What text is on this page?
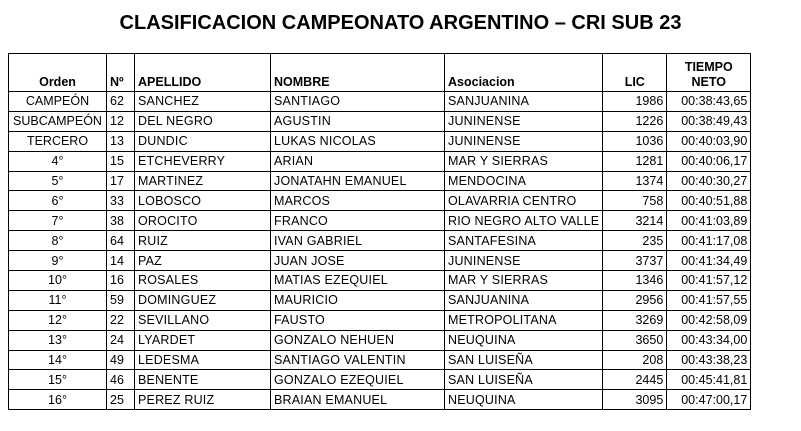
CLASIFICACION CAMPEONATO ARGENTINO – CRI SUB 23
Orden	Nº	APELLIDO	NOMBRE	Asociacion	LIC	TIEMPO
NETO
CAMPEÓN	62	SANCHEZ	SANTIAGO	SANJUANINA	1986	00:38:43,65
SUBCAMPEÓN	12	DEL NEGRO	AGUSTIN	JUNINENSE	1226	00:38:49,43
TERCERO	13	DUNDIC	LUKAS NICOLAS	JUNINENSE	1036	00:40:03,90
4°	15	ETCHEVERRY	ARIAN	MAR Y SIERRAS	1281	00:40:06,17
5°	17	MARTINEZ	JONATAHN EMANUEL	MENDOCINA	1374	00:40:30,27
6°	33	LOBOSCO	MARCOS	OLAVARRIA CENTRO	758	00:40:51,88
7°	38	OROCITO	FRANCO	RIO NEGRO ALTO VALLE	3214	00:41:03,89
8°	64	RUIZ	IVAN GABRIEL	SANTAFESINA	235	00:41:17,08
9°	14	PAZ	JUAN JOSE	JUNINENSE	3737	00:41:34,49
10°	16	ROSALES	MATIAS EZEQUIEL	MAR Y SIERRAS	1346	00:41:57,12
11°	59	DOMINGUEZ	MAURICIO	SANJUANINA	2956	00:41:57,55
12°	22	SEVILLANO	FAUSTO	METROPOLITANA	3269	00:42:58,09
13°	24	LYARDET	GONZALO NEHUEN	NEUQUINA	3650	00:43:34,00
14°	49	LEDESMA	SANTIAGO VALENTIN	SAN LUISEÑA	208	00:43:38,23
15°	46	BENENTE	GONZALO EZEQUIEL	SAN LUISEÑA	2445	00:45:41,81
16°	25	PEREZ RUIZ	BRAIAN EMANUEL	NEUQUINA	3095	00:47:00,17
